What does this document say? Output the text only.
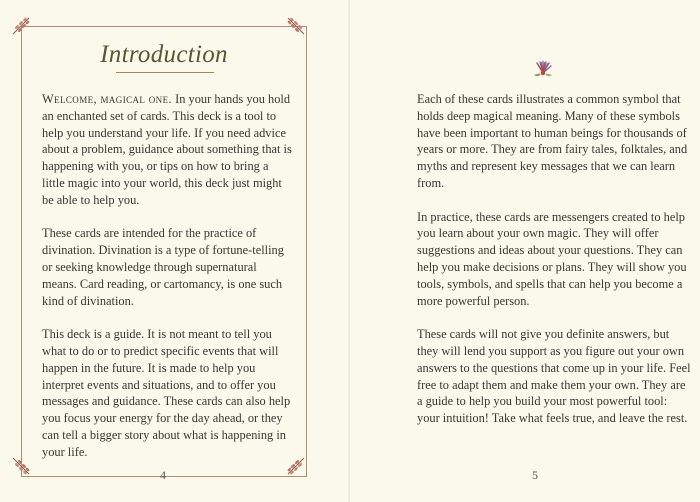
Introduction

Welcome, magical one. In your hands you hold an enchanted set of cards. This deck is a tool to help you understand your life. If you need advice about a problem, guidance about something that is happening with you, or tips on how to bring a little magic into your world, this deck just might be able to help you.

These cards are intended for the practice of divination. Divination is a type of fortune-telling or seeking knowledge through supernatural means. Card reading, or cartomancy, is one such kind of divination.

This deck is a guide. It is not meant to tell you what to do or to predict specific events that will happen in the future. It is made to help you interpret events and situations, and to offer you messages and guidance. These cards can also help you focus your energy for the day ahead, or they can tell a bigger story about what is happening in your life.

4

Each of these cards illustrates a common symbol that holds deep magical meaning. Many of these symbols have been important to human beings for thousands of years or more. They are from fairy tales, folktales, and myths and represent key messages that we can learn from.

In practice, these cards are messengers created to help you learn about your own magic. They will offer suggestions and ideas about your questions. They can help you make decisions or plans. They will show you tools, symbols, and spells that can help you become a more powerful person.

These cards will not give you definite answers, but they will lend you support as you figure out your own answers to the questions that come up in your life. Feel free to adapt them and make them your own. They are a guide to help you build your most powerful tool: your intuition! Take what feels true, and leave the rest.

5
